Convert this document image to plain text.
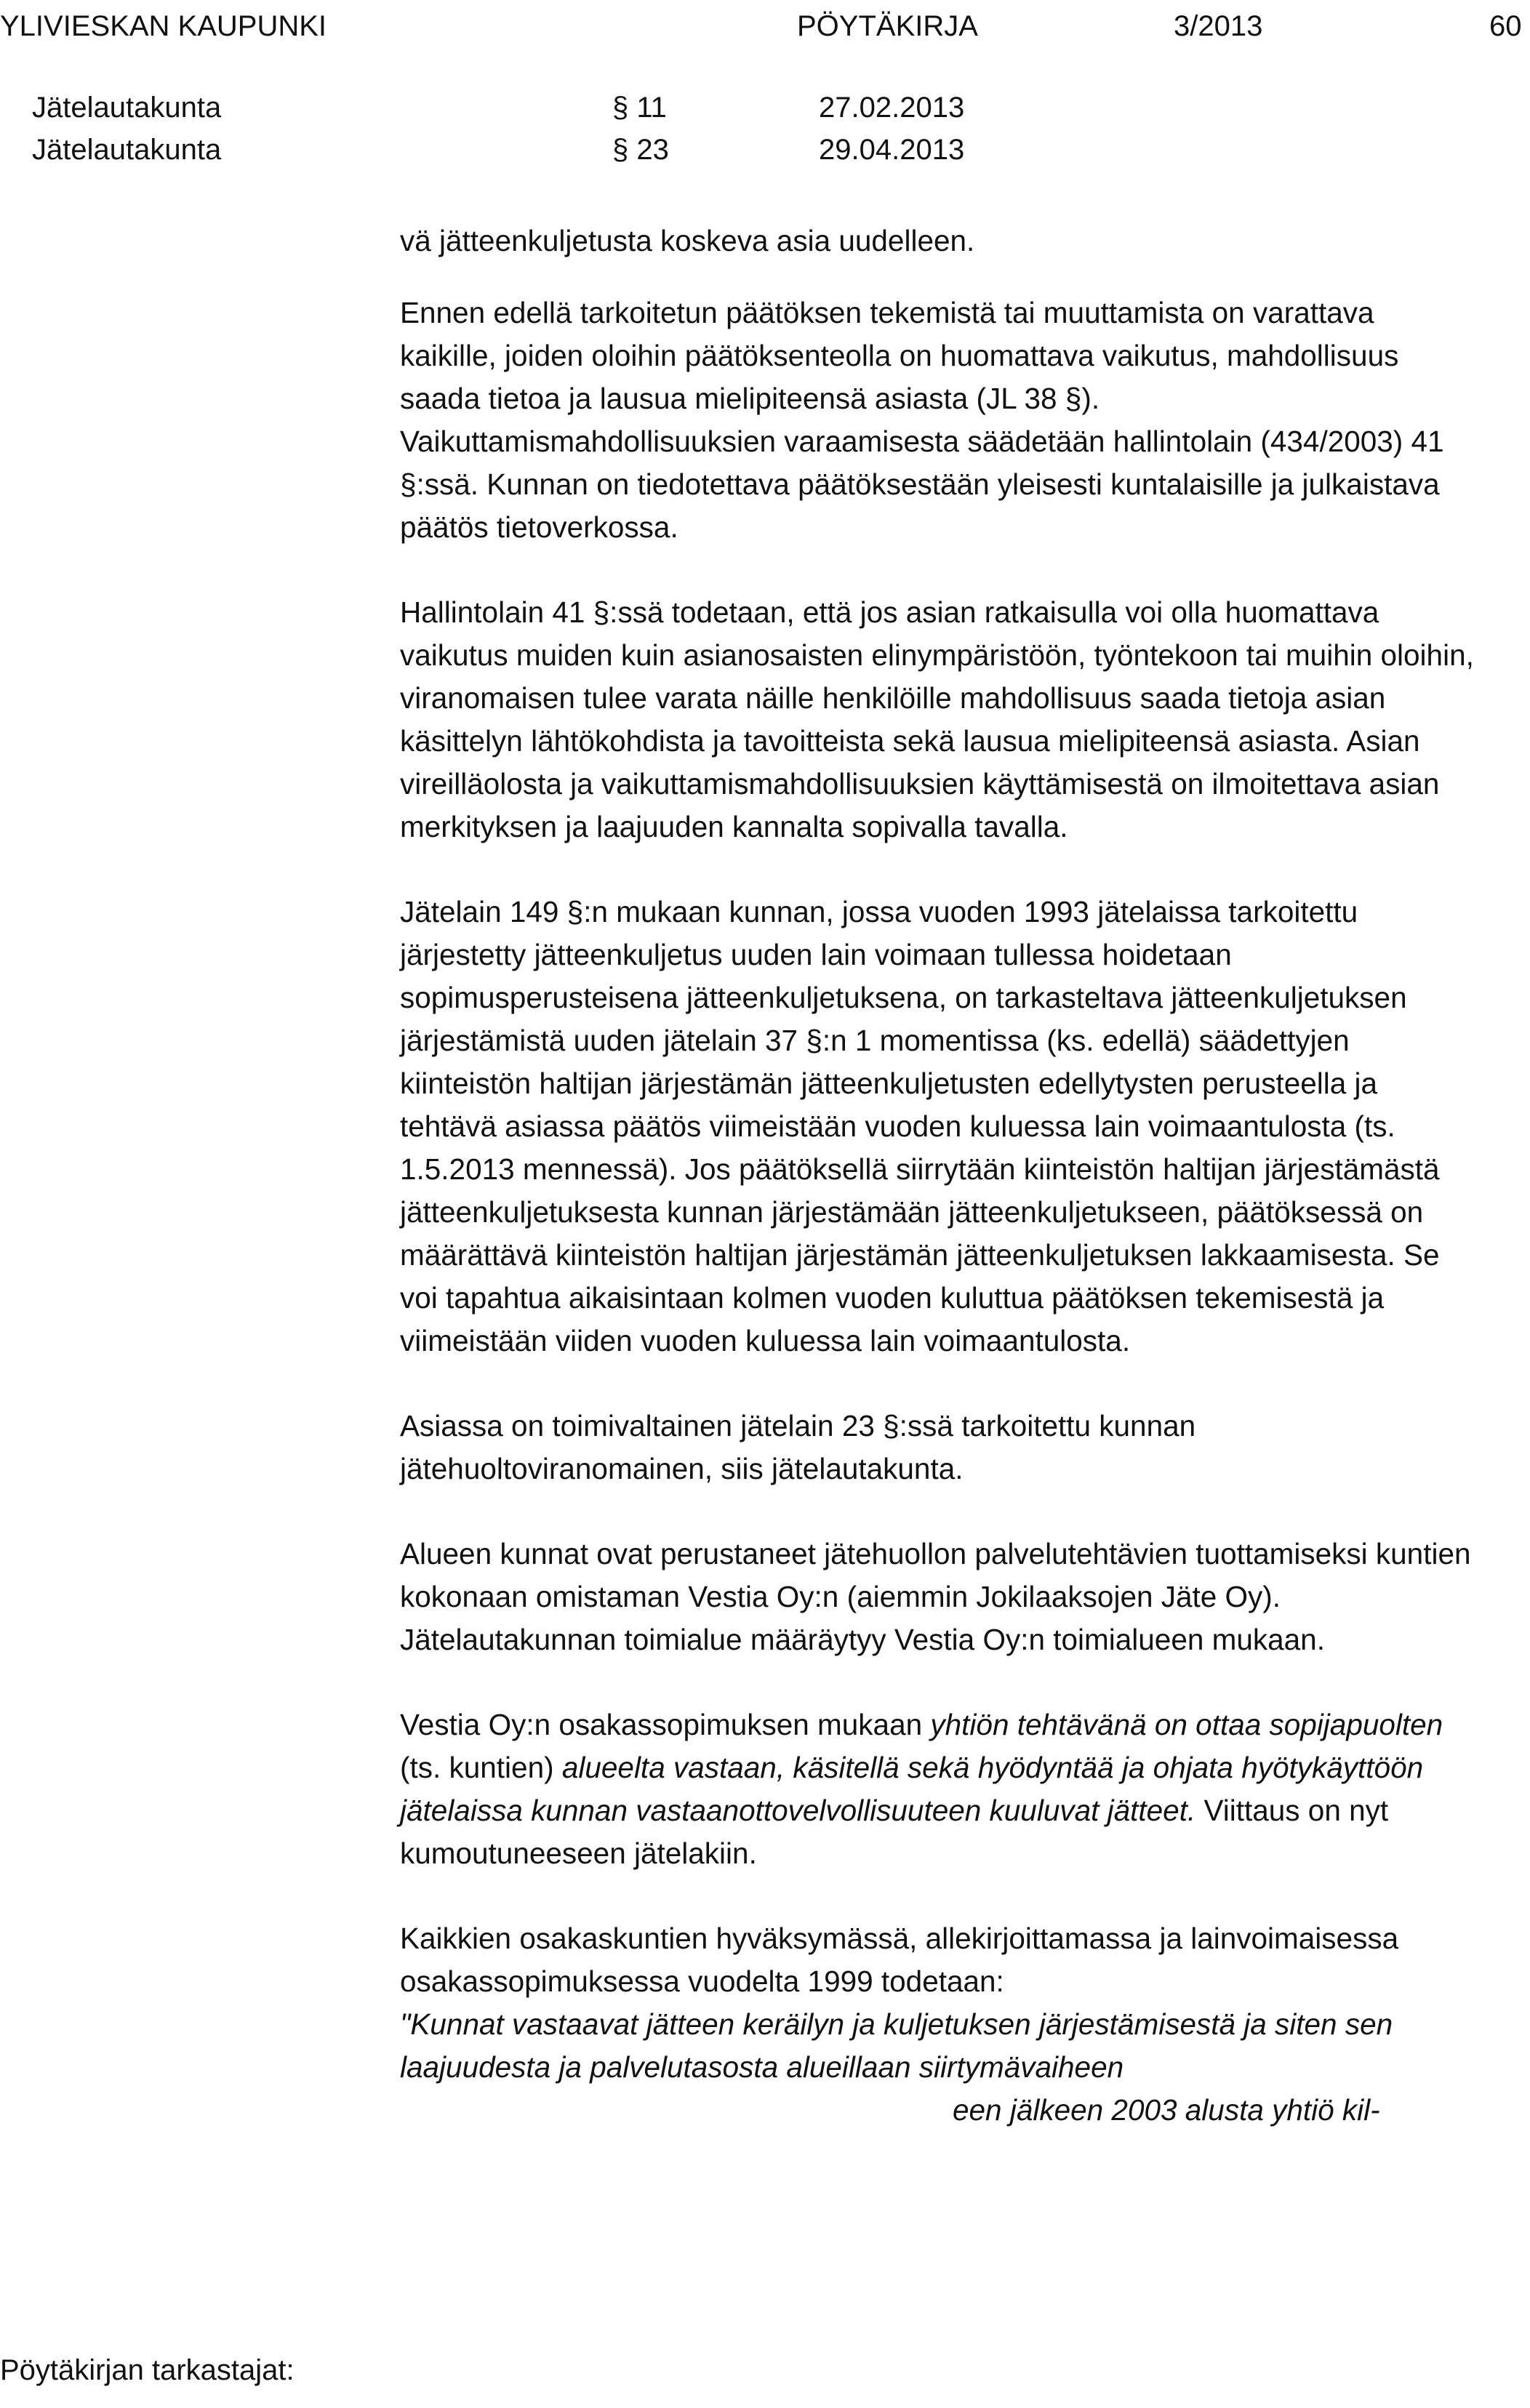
YLIVIESKAN KAUPUNKI	PÖYTÄKIRJA	3/2013	60
Jätelautakunta	§ 11	27.02.2013
Jätelautakunta	§ 23	29.04.2013

vä jätteenkuljetusta koskeva asia uudelleen.

Ennen edellä tarkoitetun päätöksen tekemistä tai muuttamista on varattava kaikille, joiden oloihin päätöksenteolla on huomattava vaikutus, mahdollisuus saada tietoa ja lausua mielipiteensä asiasta (JL 38 §). Vaikuttamismahdollisuuksien varaamisesta säädetään hallintolain (434/2003) 41 §:ssä. Kunnan on tiedotettava päätöksestään yleisesti kuntalaisille ja julkaistava päätös tietoverkossa.

Hallintolain 41 §:ssä todetaan, että jos asian ratkaisulla voi olla huomattava vaikutus muiden kuin asianosaisten elinympäristöön, työntekoon tai muihin oloihin, viranomaisen tulee varata näille henkilöille mahdollisuus saada tietoja asian käsittelyn lähtökohdista ja tavoitteista sekä lausua mielipiteensä asiasta. Asian vireilläolosta ja vaikuttamismahdollisuuksien käyttämisestä on ilmoitettava asian merkityksen ja laajuuden kannalta sopivalla tavalla.

Jätelain 149 §:n mukaan kunnan, jossa vuoden 1993 jätelaissa tarkoitettu järjestetty jätteenkuljetus uuden lain voimaan tullessa hoidetaan sopimusperusteisena jätteenkuljetuksena, on tarkasteltava jätteenkuljetuksen järjestämistä uuden jätelain 37 §:n 1 momentissa (ks. edellä) säädettyjen kiinteistön haltijan järjestämän jätteenkuljetusten edellytysten perusteella ja tehtävä asiassa päätös viimeistään vuoden kuluessa lain voimaantulosta (ts. 1.5.2013 mennessä). Jos päätöksellä siirrytään kiinteistön haltijan järjestämästä jätteenkuljetuksesta kunnan järjestämään jätteenkuljetukseen, päätöksessä on määrättävä kiinteistön haltijan järjestämän jätteenkuljetuksen lakkaamisesta. Se voi tapahtua aikaisintaan kolmen vuoden kuluttua päätöksen tekemisestä ja viimeistään viiden vuoden kuluessa lain voimaantulosta.

Asiassa on toimivaltainen jätelain 23 §:ssä tarkoitettu kunnan jätehuoltoviranomainen, siis jätelautakunta.

Alueen kunnat ovat perustaneet jätehuollon palvelutehtävien tuottamiseksi kuntien kokonaan omistaman Vestia Oy:n (aiemmin Jokilaaksojen Jäte Oy). Jätelautakunnan toimialue määräytyy Vestia Oy:n toimialueen mukaan.

Vestia Oy:n osakassopimuksen mukaan yhtiön tehtävänä on ottaa sopijapuolten (ts. kuntien) alueelta vastaan, käsitellä sekä hyödyntää ja ohjata hyötykäyttöön jätelaissa kunnan vastaanottovelvollisuuteen kuuluvat jätteet. Viittaus on nyt kumoutuneeseen jätelakiin.

Kaikkien osakaskuntien hyväksymässä, allekirjoittamassa ja lainvoimaisessa osakassopimuksessa vuodelta 1999 todetaan:

"Kunnat vastaavat jätteen keräilyn ja kuljetuksen järjestämisestä ja siten sen laajuudesta ja palvelutasosta alueillaan siirtymävaiheen

een jälkeen 2003 alusta yhtiö kil-

Pöytäkirjan tarkastajat:
